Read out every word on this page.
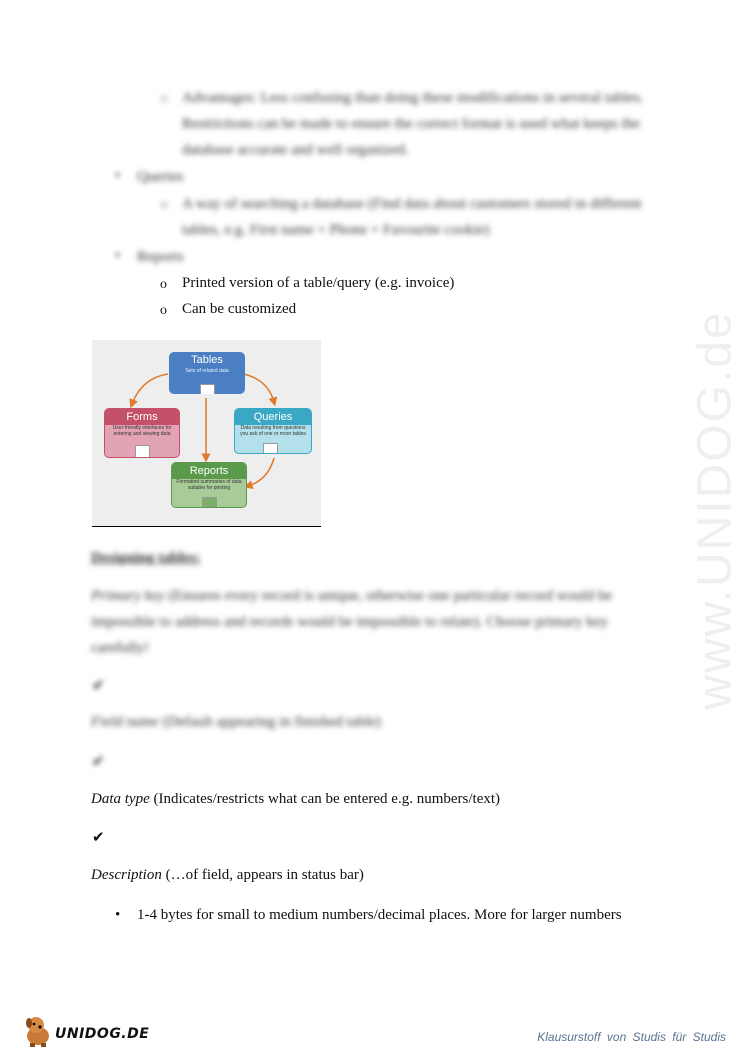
www.UNIDOG.de
○ Advantages: Less confusing than doing these modifications in several tables.
Restrictions can be made to ensure the correct format is used what keeps the
database accurate and well organized.
• Queries
○ A way of searching a database (Find data about customers stored in different
tables, e.g. First name + Phone + Favourite cookie)
• Reports
o Printed version of a table/query (e.g. invoice)
o Can be customized
Tables
Sets of related data
Forms
User-friendly interfaces for entering and viewing data
Queries
Data resulting from questions you ask of one or more tables
Reports
Formatted summaries of data suitable for printing
Designing tables:
Primary key (Ensures every record is unique, otherwise one particular record would be
impossible to address and records would be impossible to relate). Choose primary key
carefully!
✔
Field name (Default appearing in finished table)
✔
Data type (Indicates/restricts what can be entered e.g. numbers/text)
✔
Description (…of field, appears in status bar)
• 1-4 bytes for small to medium numbers/decimal places. More for larger numbers
UNIDOG.DE	Klausurstoff von Studis für Studis
